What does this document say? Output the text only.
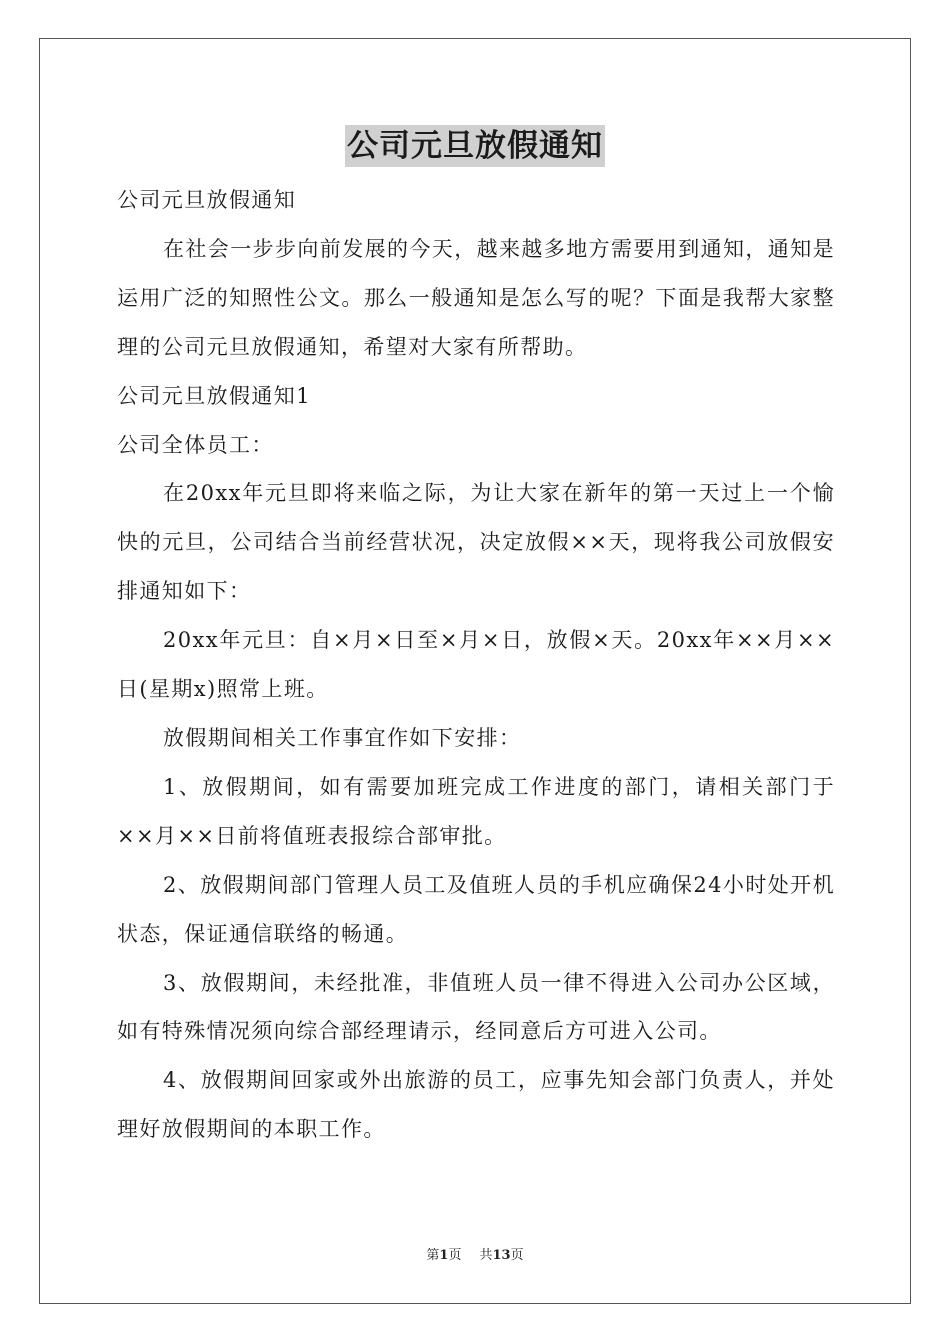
公司元旦放假通知

公司元旦放假通知

在社会一步步向前发展的今天，越来越多地方需要用到通知，通知是运用广泛的知照性公文。那么一般通知是怎么写的呢？下面是我帮大家整理的公司元旦放假通知，希望对大家有所帮助。

公司元旦放假通知1

公司全体员工：

在20xx年元旦即将来临之际，为让大家在新年的第一天过上一个愉快的元旦，公司结合当前经营状况，决定放假××天，现将我公司放假安排通知如下：

20xx年元旦：自×月×日至×月×日，放假×天。20xx年××月××日(星期x)照常上班。

放假期间相关工作事宜作如下安排：

1、放假期间，如有需要加班完成工作进度的部门，请相关部门于××月××日前将值班表报综合部审批。

2、放假期间部门管理人员工及值班人员的手机应确保24小时处开机状态，保证通信联络的畅通。

3、放假期间，未经批准，非值班人员一律不得进入公司办公区域，如有特殊情况须向综合部经理请示，经同意后方可进入公司。

4、放假期间回家或外出旅游的员工，应事先知会部门负责人，并处理好放假期间的本职工作。

第1页 共13页
